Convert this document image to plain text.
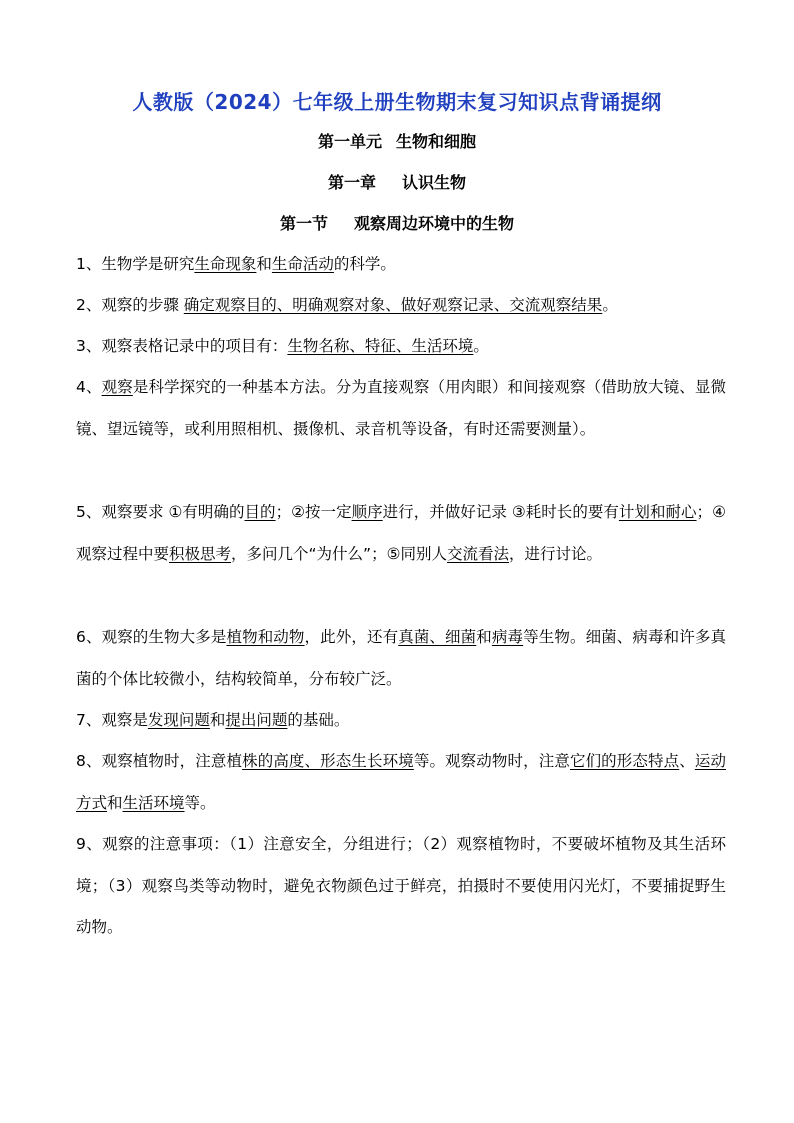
人教版（2024）七年级上册生物期末复习知识点背诵提纲
第一单元 生物和细胞
第一章 认识生物
第一节 观察周边环境中的生物
1、生物学是研究生命现象和生命活动的科学。
2、观察的步骤 确定观察目的、明确观察对象、做好观察记录、交流观察结果。
3、观察表格记录中的项目有：生物名称、特征、生活环境。
4、观察是科学探究的一种基本方法。分为直接观察（用肉眼）和间接观察（借助放大镜、显微镜、望远镜等，或利用照相机、摄像机、录音机等设备，有时还需要测量）。
5、观察要求 ①有明确的目的；②按一定顺序进行，并做好记录 ③耗时长的要有计划和耐心；④观察过程中要积极思考，多问几个“为什么”；⑤同别人交流看法，进行讨论。
6、观察的生物大多是植物和动物，此外，还有真菌、细菌和病毒等生物。细菌、病毒和许多真菌的个体比较微小，结构较简单，分布较广泛。
7、观察是发现问题和提出问题的基础。
8、观察植物时，注意植株的高度、形态生长环境等。观察动物时，注意它们的形态特点、运动方式和生活环境等。
9、观察的注意事项：（1）注意安全，分组进行；（2）观察植物时，不要破坏植物及其生活环境；（3）观察鸟类等动物时，避免衣物颜色过于鲜亮，拍摄时不要使用闪光灯，不要捕捉野生动物。
